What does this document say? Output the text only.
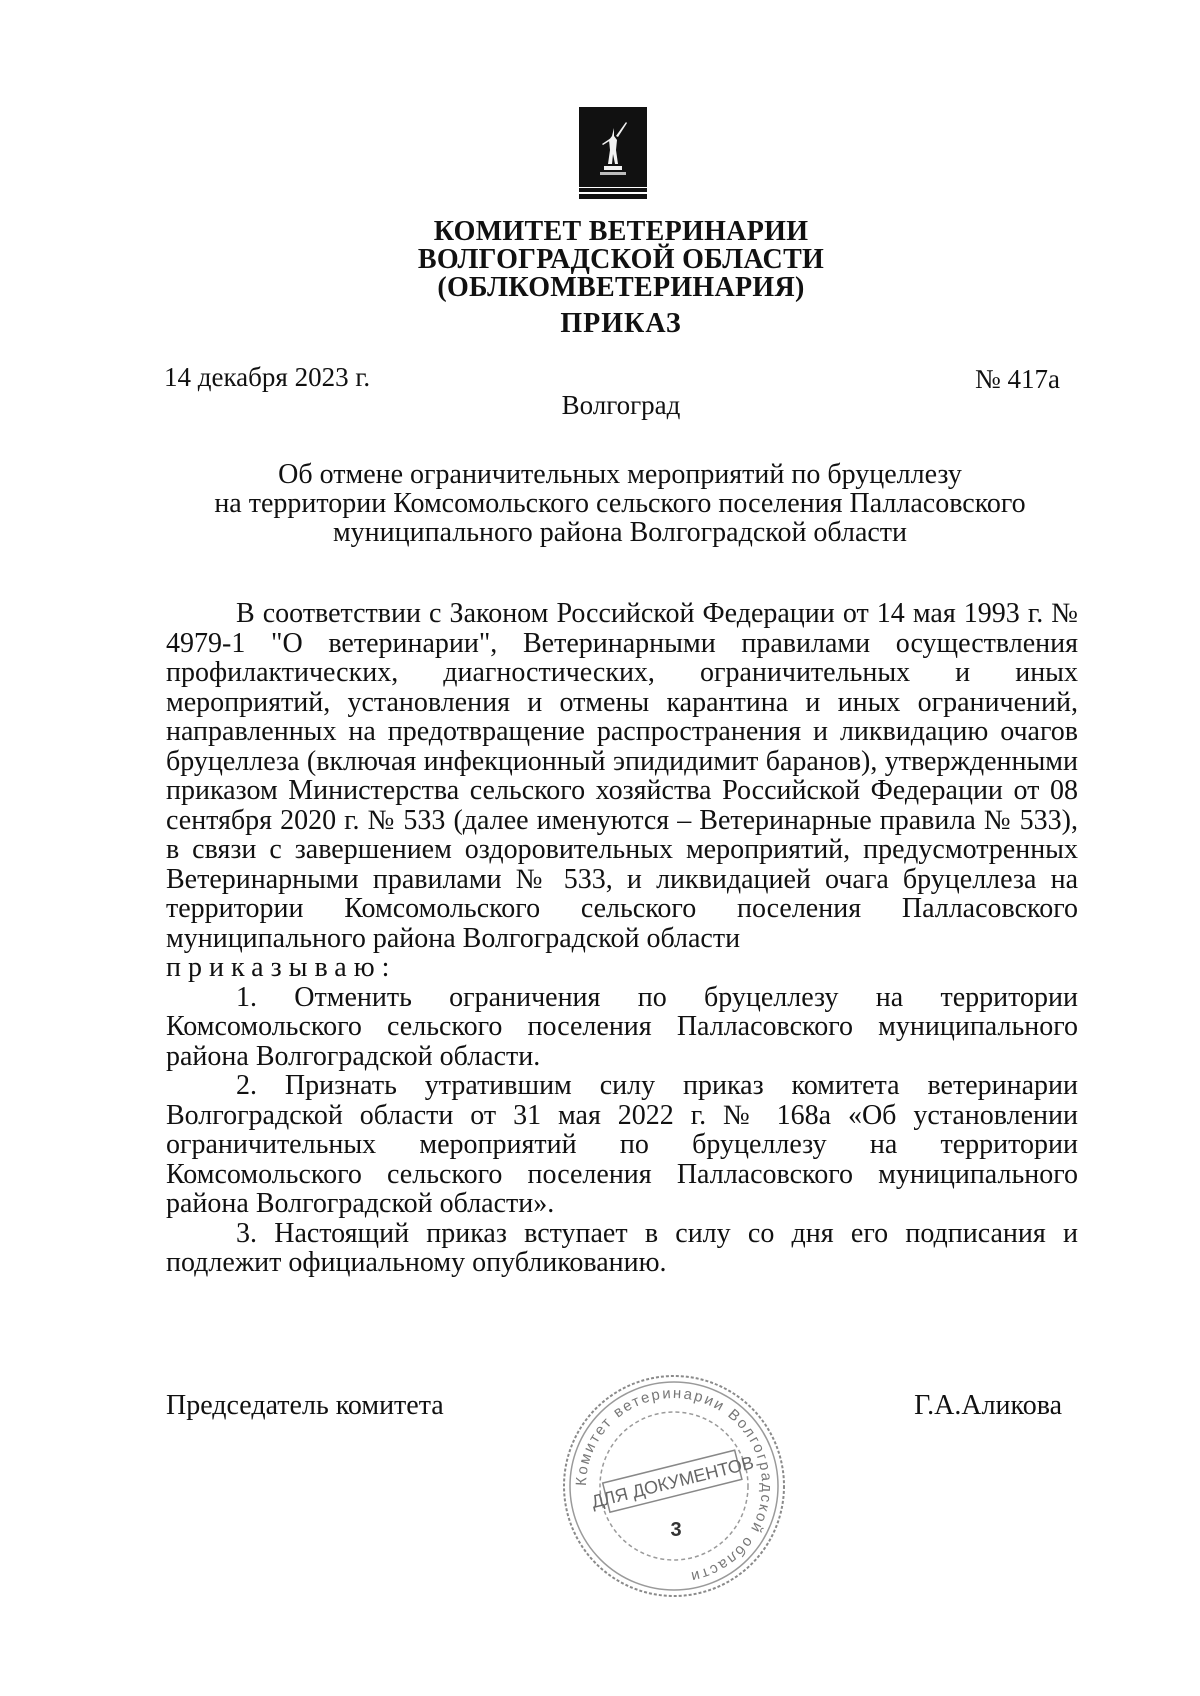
КОМИТЕТ ВЕТЕРИНАРИИ
ВОЛГОГРАДСКОЙ ОБЛАСТИ
(ОБЛКОМВЕТЕРИНАРИЯ)
ПРИКАЗ
14 декабря 2023 г.	№ 417а
Волгоград
Об отмене ограничительных мероприятий по бруцеллезу
на территории Комсомольского сельского поселения Палласовского
муниципального района Волгоградской области

В соответствии с Законом Российской Федерации от 14 мая 1993 г. № 4979-1 "О ветеринарии", Ветеринарными правилами осуществления профилактических, диагностических, ограничительных и иных мероприятий, установления и отмены карантина и иных ограничений, направленных на предотвращение распространения и ликвидацию очагов бруцеллеза (включая инфекционный эпидидимит баранов), утвержденными приказом Министерства сельского хозяйства Российской Федерации от 08 сентября 2020 г. № 533 (далее именуются – Ветеринарные правила № 533), в связи с завершением оздоровительных мероприятий, предусмотренных Ветеринарными правилами № 533, и ликвидацией очага бруцеллеза на территории Комсомольского сельского поселения Палласовского муниципального района Волгоградской области

приказываю:

1. Отменить ограничения по бруцеллезу на территории Комсомольского сельского поселения Палласовского муниципального района Волгоградской области.

2. Признать утратившим силу приказ комитета ветеринарии Волгоградской области от 31 мая 2022 г. № 168а «Об установлении ограничительных мероприятий по бруцеллезу на территории Комсомольского сельского поселения Палласовского муниципального района Волгоградской области».

3. Настоящий приказ вступает в силу со дня его подписания и подлежит официальному опубликованию.

Председатель комитета	Г.А.Аликова
Комитет ветеринарии Волгоградской области
ДЛЯ ДОКУМЕНТОВ
3
